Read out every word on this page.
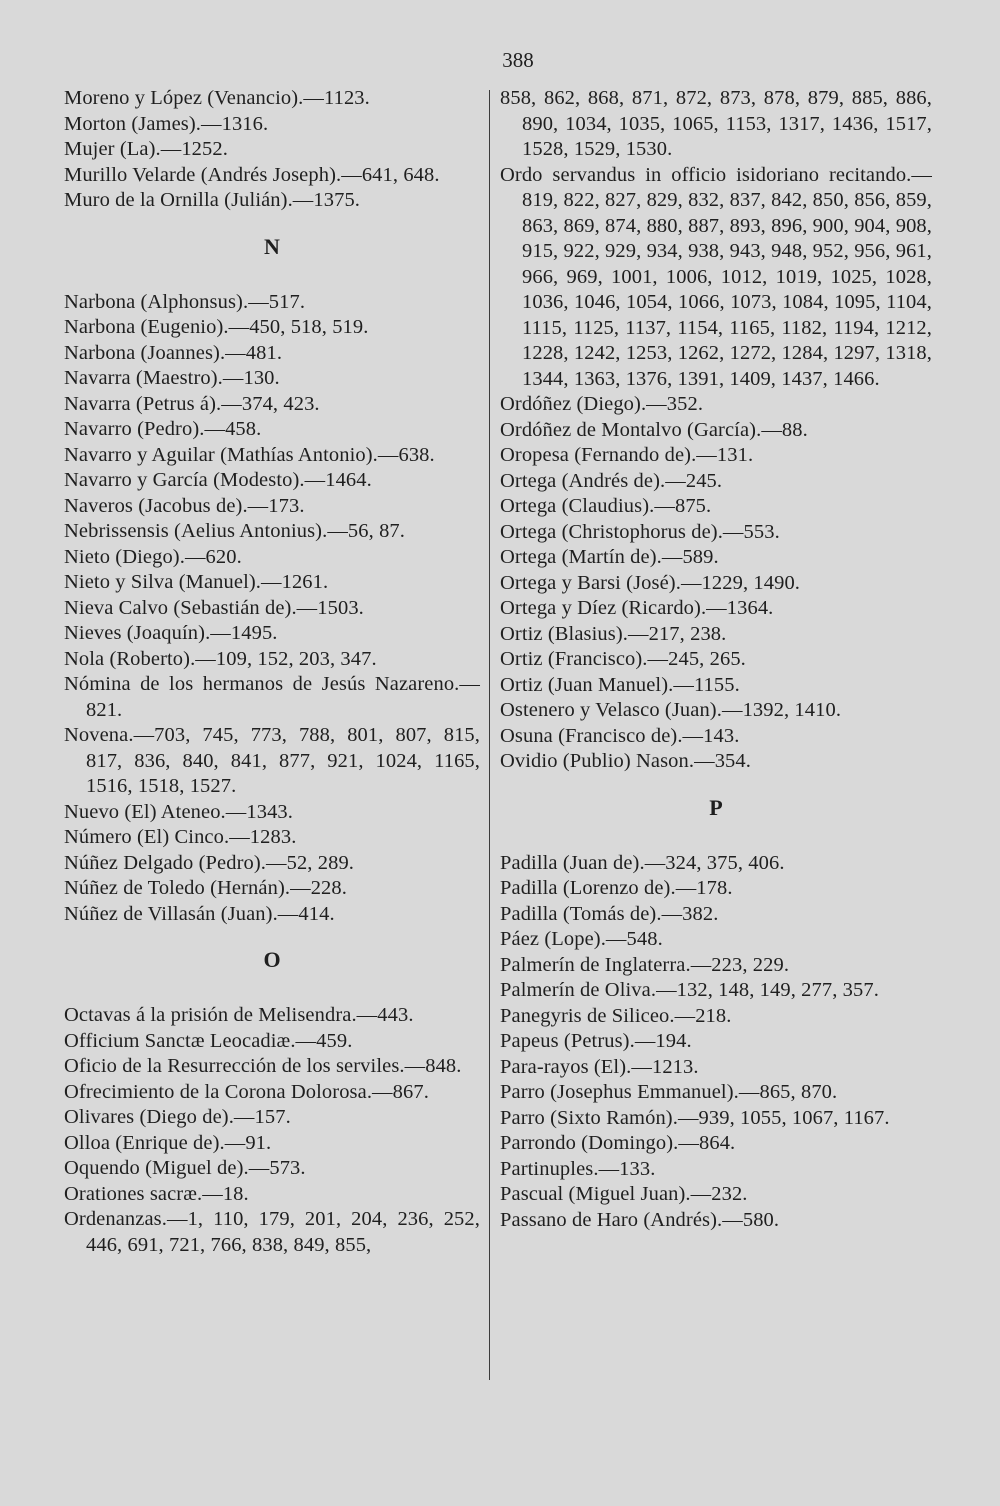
388
Moreno y López (Venancio).—1123.
Morton (James).—1316.
Mujer (La).—1252.
Murillo Velarde (Andrés Joseph).—641, 648.
Muro de la Ornilla (Julián).—1375.
N
Narbona (Alphonsus).—517.
Narbona (Eugenio).—450, 518, 519.
Narbona (Joannes).—481.
Navarra (Maestro).—130.
Navarra (Petrus á).—374, 423.
Navarro (Pedro).—458.
Navarro y Aguilar (Mathías Antonio).—638.
Navarro y García (Modesto).—1464.
Naveros (Jacobus de).—173.
Nebrissensis (Aelius Antonius).—56, 87.
Nieto (Diego).—620.
Nieto y Silva (Manuel).—1261.
Nieva Calvo (Sebastián de).—1503.
Nieves (Joaquín).—1495.
Nola (Roberto).—109, 152, 203, 347.
Nómina de los hermanos de Jesús Nazareno.—821.
Novena.—703, 745, 773, 788, 801, 807, 815, 817, 836, 840, 841, 877, 921, 1024, 1165, 1516, 1518, 1527.
Nuevo (El) Ateneo.—1343.
Número (El) Cinco.—1283.
Núñez Delgado (Pedro).—52, 289.
Núñez de Toledo (Hernán).—228.
Núñez de Villasán (Juan).—414.
O
Octavas á la prisión de Melisendra.—443.
Officium Sanctæ Leocadiæ.—459.
Oficio de la Resurrección de los serviles.—848.
Ofrecimiento de la Corona Dolorosa.—867.
Olivares (Diego de).—157.
Olloa (Enrique de).—91.
Oquendo (Miguel de).—573.
Orationes sacræ.—18.
Ordenanzas.—1, 110, 179, 201, 204, 236, 252, 446, 691, 721, 766, 838, 849, 855,
858, 862, 868, 871, 872, 873, 878, 879, 885, 886, 890, 1034, 1035, 1065, 1153, 1317, 1436, 1517, 1528, 1529, 1530.
Ordo servandus in officio isidoriano recitando.—819, 822, 827, 829, 832, 837, 842, 850, 856, 859, 863, 869, 874, 880, 887, 893, 896, 900, 904, 908, 915, 922, 929, 934, 938, 943, 948, 952, 956, 961, 966, 969, 1001, 1006, 1012, 1019, 1025, 1028, 1036, 1046, 1054, 1066, 1073, 1084, 1095, 1104, 1115, 1125, 1137, 1154, 1165, 1182, 1194, 1212, 1228, 1242, 1253, 1262, 1272, 1284, 1297, 1318, 1344, 1363, 1376, 1391, 1409, 1437, 1466.
Ordóñez (Diego).—352.
Ordóñez de Montalvo (García).—88.
Oropesa (Fernando de).—131.
Ortega (Andrés de).—245.
Ortega (Claudius).—875.
Ortega (Christophorus de).—553.
Ortega (Martín de).—589.
Ortega y Barsi (José).—1229, 1490.
Ortega y Díez (Ricardo).—1364.
Ortiz (Blasius).—217, 238.
Ortiz (Francisco).—245, 265.
Ortiz (Juan Manuel).—1155.
Ostenero y Velasco (Juan).—1392, 1410.
Osuna (Francisco de).—143.
Ovidio (Publio) Nason.—354.
P
Padilla (Juan de).—324, 375, 406.
Padilla (Lorenzo de).—178.
Padilla (Tomás de).—382.
Páez (Lope).—548.
Palmerín de Inglaterra.—223, 229.
Palmerín de Oliva.—132, 148, 149, 277, 357.
Panegyris de Siliceo.—218.
Papeus (Petrus).—194.
Para-rayos (El).—1213.
Parro (Josephus Emmanuel).—865, 870.
Parro (Sixto Ramón).—939, 1055, 1067, 1167.
Parrondo (Domingo).—864.
Partinuples.—133.
Pascual (Miguel Juan).—232.
Passano de Haro (Andrés).—580.
